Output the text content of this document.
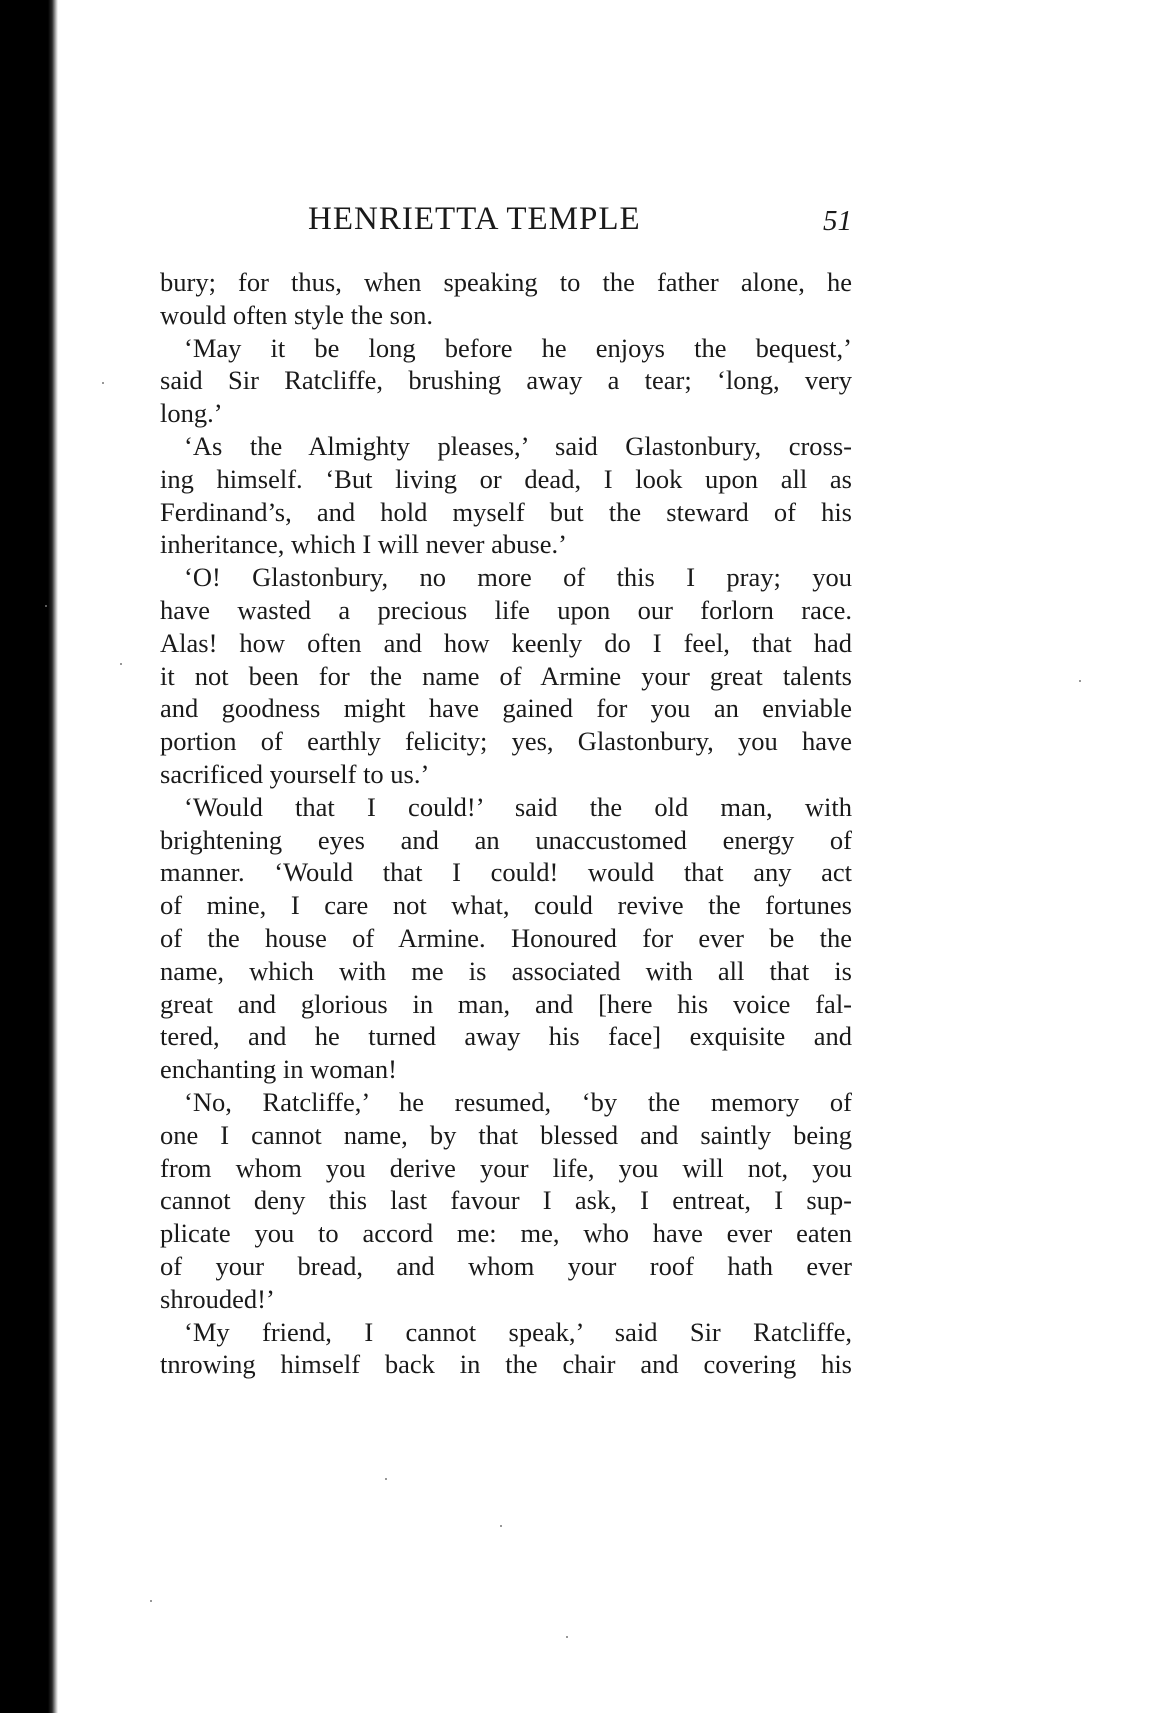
HENRIETTA TEMPLE	51
bury; for thus, when speaking to the father alone, he
would often style the son.
‘May it be long before he enjoys the bequest,’
said Sir Ratcliffe, brushing away a tear; ‘long, very
long.’
‘As the Almighty pleases,’ said Glastonbury, cross-
ing himself. ‘But living or dead, I look upon all as
Ferdinand’s, and hold myself but the steward of his
inheritance, which I will never abuse.’
‘O! Glastonbury, no more of this I pray; you
have wasted a precious life upon our forlorn race.
Alas! how often and how keenly do I feel, that had
it not been for the name of Armine your great talents
and goodness might have gained for you an enviable
portion of earthly felicity; yes, Glastonbury, you have
sacrificed yourself to us.’
‘Would that I could!’ said the old man, with
brightening eyes and an unaccustomed energy of
manner. ‘Would that I could! would that any act
of mine, I care not what, could revive the fortunes
of the house of Armine. Honoured for ever be the
name, which with me is associated with all that is
great and glorious in man, and [here his voice fal-
tered, and he turned away his face] exquisite and
enchanting in woman!
‘No, Ratcliffe,’ he resumed, ‘by the memory of
one I cannot name, by that blessed and saintly being
from whom you derive your life, you will not, you
cannot deny this last favour I ask, I entreat, I sup-
plicate you to accord me: me, who have ever eaten
of your bread, and whom your roof hath ever
shrouded!’
‘My friend, I cannot speak,’ said Sir Ratcliffe,
tnrowing himself back in the chair and covering his
